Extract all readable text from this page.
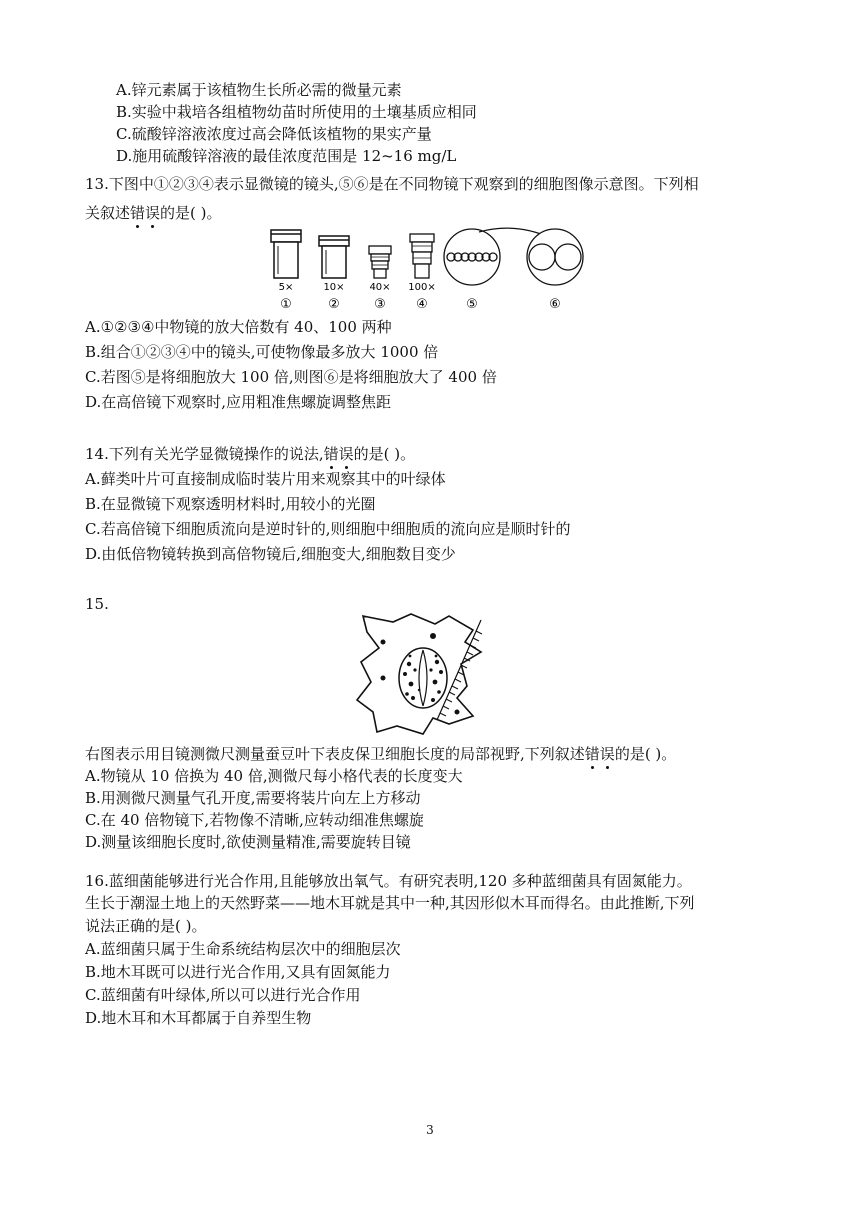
A.锌元素属于该植物生长所必需的微量元素
B.实验中栽培各组植物幼苗时所使用的土壤基质应相同
C.硫酸锌溶液浓度过高会降低该植物的果实产量
D.施用硫酸锌溶液的最佳浓度范围是 12~16 mg/L
13.下图中①②③④表示显微镜的镜头,⑤⑥是在不同物镜下观察到的细胞图像示意图。下列相
关叙述错误的是( )。
5×	10× 40× 100×
①	②	③ ④	⑤	⑥
A.①②③④中物镜的放大倍数有 40、100 两种
B.组合①②③④中的镜头,可使物像最多放大 1000 倍
C.若图⑤是将细胞放大 100 倍,则图⑥是将细胞放大了 400 倍
D.在高倍镜下观察时,应用粗准焦螺旋调整焦距
14.下列有关光学显微镜操作的说法,错误的是( )。
A.藓类叶片可直接制成临时装片用来观察其中的叶绿体
B.在显微镜下观察透明材料时,用较小的光圈
C.若高倍镜下细胞质流向是逆时针的,则细胞中细胞质的流向应是顺时针的
D.由低倍物镜转换到高倍物镜后,细胞变大,细胞数目变少
15.
右图表示用目镜测微尺测量蚕豆叶下表皮保卫细胞长度的局部视野,下列叙述错误的是( )。
A.物镜从 10 倍换为 40 倍,测微尺每小格代表的长度变大
B.用测微尺测量气孔开度,需要将装片向左上方移动
C.在 40 倍物镜下,若物像不清晰,应转动细准焦螺旋
D.测量该细胞长度时,欲使测量精准,需要旋转目镜
16.蓝细菌能够进行光合作用,且能够放出氧气。有研究表明,120 多种蓝细菌具有固氮能力。
生长于潮湿土地上的天然野菜——地木耳就是其中一种,其因形似木耳而得名。由此推断,下列
说法正确的是( )。
A.蓝细菌只属于生命系统结构层次中的细胞层次
B.地木耳既可以进行光合作用,又具有固氮能力
C.蓝细菌有叶绿体,所以可以进行光合作用
D.地木耳和木耳都属于自养型生物
3
